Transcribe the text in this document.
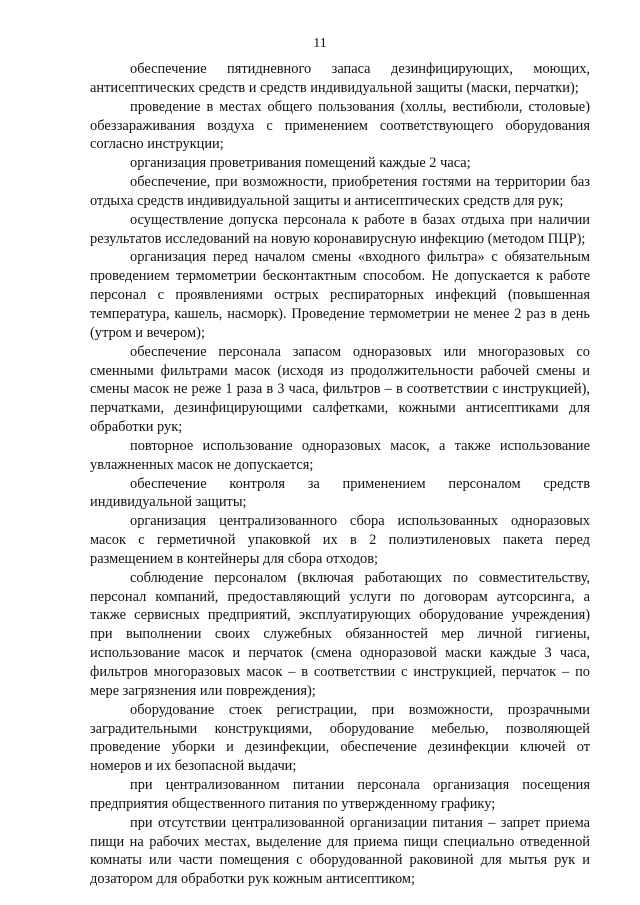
11

обеспечение пятидневного запаса дезинфицирующих, моющих, антисептических средств и средств индивидуальной защиты (маски, перчатки);

проведение в местах общего пользования (холлы, вестибюли, столовые) обеззараживания воздуха с применением соответствующего оборудования согласно инструкции;

организация проветривания помещений каждые 2 часа;

обеспечение, при возможности, приобретения гостями на территории баз отдыха средств индивидуальной защиты и антисептических средств для рук;

осуществление допуска персонала к работе в базах отдыха при наличии результатов исследований на новую коронавирусную инфекцию (методом ПЦР);

организация перед началом смены «входного фильтра» с обязательным проведением термометрии бесконтактным способом. Не допускается к работе персонал с проявлениями острых респираторных инфекций (повышенная температура, кашель, насморк). Проведение термометрии не менее 2 раз в день (утром и вечером);

обеспечение персонала запасом одноразовых или многоразовых со сменными фильтрами масок (исходя из продолжительности рабочей смены и смены масок не реже 1 раза в 3 часа, фильтров – в соответствии с инструкцией), перчатками, дезинфицирующими салфетками, кожными антисептиками для обработки рук;

повторное использование одноразовых масок, а также использование увлажненных масок не допускается;

обеспечение контроля за применением персоналом средств индивидуальной защиты;

организация централизованного сбора использованных одноразовых масок с герметичной упаковкой их в 2 полиэтиленовых пакета перед размещением в контейнеры для сбора отходов;

соблюдение персоналом (включая работающих по совместительству, персонал компаний, предоставляющий услуги по договорам аутсорсинга, а также сервисных предприятий, эксплуатирующих оборудование учреждения) при выполнении своих служебных обязанностей мер личной гигиены, использование масок и перчаток (смена одноразовой маски каждые 3 часа, фильтров многоразовых масок – в соответствии с инструкцией, перчаток – по мере загрязнения или повреждения);

оборудование стоек регистрации, при возможности, прозрачными заградительными конструкциями, оборудование мебелью, позволяющей проведение уборки и дезинфекции, обеспечение дезинфекции ключей от номеров и их безопасной выдачи;

при централизованном питании персонала организация посещения предприятия общественного питания по утвержденному графику;

при отсутствии централизованной организации питания – запрет приема пищи на рабочих местах, выделение для приема пищи специально отведенной комнаты или части помещения с оборудованной раковиной для мытья рук и дозатором для обработки рук кожным антисептиком;
